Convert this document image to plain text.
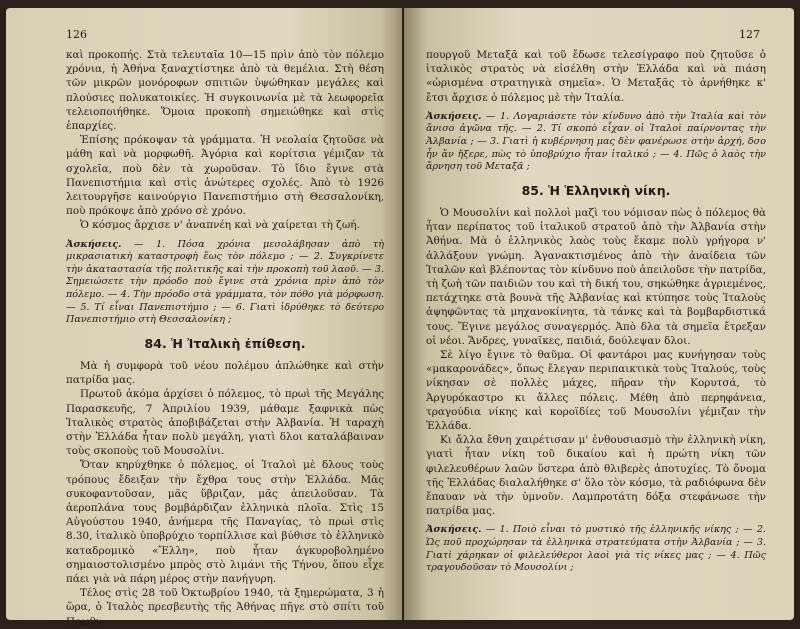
126

καὶ προκοπής. Στὰ τελευταῖα 10—15 πρὶν ἀπὸ τὸν πόλεμο χρόνια, ἡ Ἀθήνα ξαναχτίστηκε ἀπὸ τὰ θεμέλια. Στὴ θέση τῶν μικρῶν μονόροφων σπιτιῶν ὑψώθηκαν μεγάλες καὶ πλούσιες πολυκατοικίες. Ἡ συγκοινωνία μὲ τὰ λεωφορεῖα τελειοποιήθηκε. Ὅμοια προκοπὴ σημειώθηκε καὶ στὶς ἐπαρχίες.

Ἐπίσης πρόκοψαν τὰ γράμματα. Ἡ νεολαία ζητοῦσε νὰ μάθη καὶ νὰ μορφωθῆ. Ἀγόρια καὶ κορίτσια γέμιζαν τὰ σχολεῖα, ποὺ δὲν τὰ χωροῦσαν. Τὸ ἴδιο ἔγινε στὰ Πανεπιστήμια καὶ στὶς ἀνώτερες σχολές. Ἀπὸ τὸ 1926 λειτουργῆσε καινούργιο Πανεπιστήμιο στὴ Θεσσαλονίκη, ποὺ πρόκοψε ἀπὸ χρόνο σὲ χρόνο.

Ὁ κόσμος ἄρχισε ν' ἀναπνέη καὶ νὰ χαίρεται τὴ ζωή.

Ἀσκήσεις. — 1. Πόσα χρόνια μεσολάβησαν ἀπὸ τὴ μικρασιατικὴ καταστροφὴ ἕως τὸν πόλεμο ; — 2. Συγκρίνετε τὴν ἀκαταστασία τῆς πολιτικῆς καὶ τὴν προκοπὴ τοῦ λαοῦ. — 3. Σημειώσετε τὴν πρόοδο ποὺ ἔγινε στὰ χρόνια πρὶν ἀπὸ τὸν πόλεμο. — 4. Τὴν πρόοδο στὰ γράμματα, τὸν πόθο γιὰ μόρφωση. — 5. Τί εἶναι Πανεπιστήμιο ; — 6. Γιατὶ ἱδρύθηκε τὸ δεύτερο Πανεπιστήμιο στὴ Θεσσαλονίκη ;

84. Ἡ Ἰταλικὴ ἐπίθεση.

Μὰ ἡ συμφορὰ τοῦ νέου πολέμου ἁπλώθηκε καὶ στὴν πατρίδα μας.

Πρωτοῦ ἀκόμα ἀρχίσει ὁ πόλεμος, τὸ πρωὶ τῆς Μεγάλης Παρασκευῆς, 7 Ἀπριλίου 1939, μάθαμε ξαφνικὰ πὼς Ἰταλικὸς στρατὸς ἀποβιβάζεται στὴν Ἀλβανία. Ἡ ταραχὴ στὴν Ἑλλάδα ἦταν πολὺ μεγάλη, γιατὶ δλοι καταλάβαιναν τοὺς σκοποὺς τοῦ Μουσολίνι.

Ὅταν κηρύχθηκε ὁ πόλεμος, οἱ Ἰταλοὶ μὲ δλους τοὺς τρόπους ἔδειξαν τὴν ἔχθρα τους στὴν Ἑλλάδα. Μᾶς συκοφαντοῦσαν, μᾶς ὕβριζαν, μᾶς ἀπειλοῦσαν. Τὰ ἀεροπλάνα τους βομβάρδιζαν ἑλληνικὰ πλοῖα. Στὶς 15 Αὐγούστου 1940, ἀνήμερα τῆς Παναγίας, τὸ πρωὶ στὶς 8.30, ἰταλικὸ ὑποβρύχιο τορπίλλισε καὶ βύθισε τὸ ἑλληνικὸ καταδρομικὸ «Ἔλλη», ποὺ ἦταν ἀγκυροβολημένο σημαιοστολισμένο μπρὸς στὸ λιμάνι τῆς Τήνου, ὅπου εἶχε πάει γιὰ νὰ πάρη μέρος στὴν πανήγυρη.

Τέλος στὶς 28 τοῦ Ὀκτωβρίου 1940, τὰ ξημερώματα, 3 ἡ ὥρα, ὁ Ἰταλὸς πρεσβευτὴς τῆς Ἀθήνας πῆγε στὸ σπίτι τοῦ Πρωθυ-

127

πουργοῦ Μεταξᾶ καὶ τοῦ ἔδωσε τελεσίγραφο ποὺ ζητοῦσε ὁ ἰταλικὸς στρατὸς νὰ εἰσέλθη στὴν Ἑλλάδα καὶ νὰ πιάση «ὡρισμένα στρατηγικὰ σημεῖα». Ὁ Μεταξᾶς τὸ ἀρνήθηκε κ' ἔτσι ἄρχισε ὁ πόλεμος μὲ τὴν Ἰταλία.

Ἀσκήσεις. — 1. Λογαριάσετε τὸν κίνδυνο ἀπὸ τὴν Ἰταλία καὶ τὸν ἄνισο ἀγῶνα τῆς. — 2. Τί σκοπὸ εἶχαν οἱ Ἰταλοὶ παίρνοντας τὴν Ἀλβανία ; — 3. Γιατὶ ἡ κυβέρνηση μας δὲν φανέρωσε στὴν ἀρχή, δσο ἦν ἄν ἤξερε, πὼς τὸ ὑποβρύχιο ἦταν ἰταλικό ; — 4. Πῶς ὁ λαὸς τὴν ἄρνηση τοῦ Μεταξᾶ ;

85. Ἡ Ἑλληνικὴ νίκη.

Ὁ Μουσολίνι καὶ πολλοὶ μαζὶ του νόμισαν πὼς ὁ πόλεμος θὰ ἦταν περίπατος τοῦ ἰταλικοῦ στρατοῦ ἀπὸ τὴν Ἀλβανία στὴν Ἀθήνα. Μὰ ὁ ἑλληνικὸς λαὸς τοὺς ἔκαμε πολὺ γρήγορα ν' ἀλλάξουν γνώμη. Ἀγανακτισμένος ἀπὸ τὴν ἀναίδεια τῶν Ἰταλῶν καὶ βλέποντας τὸν κίνδυνο ποὺ ἀπειλοῦσε τὴν πατρίδα, τὴ ζωὴ τῶν παιδιῶν του καὶ τὴ δική του, σηκώθηκε ἀγριεμένος, πετάχτηκε στὰ βουνὰ τῆς Ἀλβανίας καὶ κτύπησε τοὺς Ἰταλοὺς ἀψηφῶντας τὰ μηχανοκίνητα, τὰ τάνκς καὶ τὰ βομβαρδιστικά τους. Ἔγινε μεγάλος συναγερμός. Ἀπὸ δλα τὰ σημεῖα ἔτρεξαν οἱ νέοι. Ἄνδρες, γυναῖκες, παιδιά, δούλεψαν δλοι.

Σὲ λίγο ἔγινε τὸ θαῦμα. Οἱ φαντάροι μας κυνήγησαν τοὺς «μακαρονάδες», ὅπως ἔλεγαν περιπαικτικὰ τοὺς Ἰταλούς, τοὺς νίκησαν σὲ πολλὲς μάχες, πῆραν τὴν Κορυτσά, τὸ Ἀργυρόκαστρο κι ἄλλες πόλεις. Μέθη ἀπὸ περηφάνεια, τραγούδια νίκης καὶ κοροϊδίες τοῦ Μουσολίνι γέμιζαν τὴν Ἑλλάδα.

Κι ἄλλα ἔθνη χαιρέτισαν μ' ἐνθουσιασμὸ τὴν ἑλληνικὴ νίκη, γιατὶ ἦταν νίκη τοῦ δικαίου καὶ ἡ πρώτη νίκη τῶν φιλελευθέρων λαῶν ὕστερα ἀπὸ θλιβερὲς ἀποτυχίες. Τὸ ὄνομα τῆς Ἑλλάδας διαλαλήθηκε σ' ὅλο τὸν κόσμο, τὰ ραδιόφωνα δὲν ἔπαυαν νὰ τὴν ὑμνοῦν. Λαμπροτάτη δόξα στεφάνωσε τὴν πατρίδα μας.

Ἀσκήσεις. — 1. Ποιὸ εἶναι τὸ μυστικὸ τῆς ἑλληνικῆς νίκης ; — 2. Ὡς ποῦ προχώρησαν τὰ ἑλληνικὰ στρατεύματα στὴν Ἀλβανία ; — 3. Γιατὶ χάρηκαν οἱ φιλελεύθεροι λαοὶ γιὰ τὶς νίκες μας ; — 4. Πῶς τραγουδοῦσαν τὸ Μουσολίνι ;
